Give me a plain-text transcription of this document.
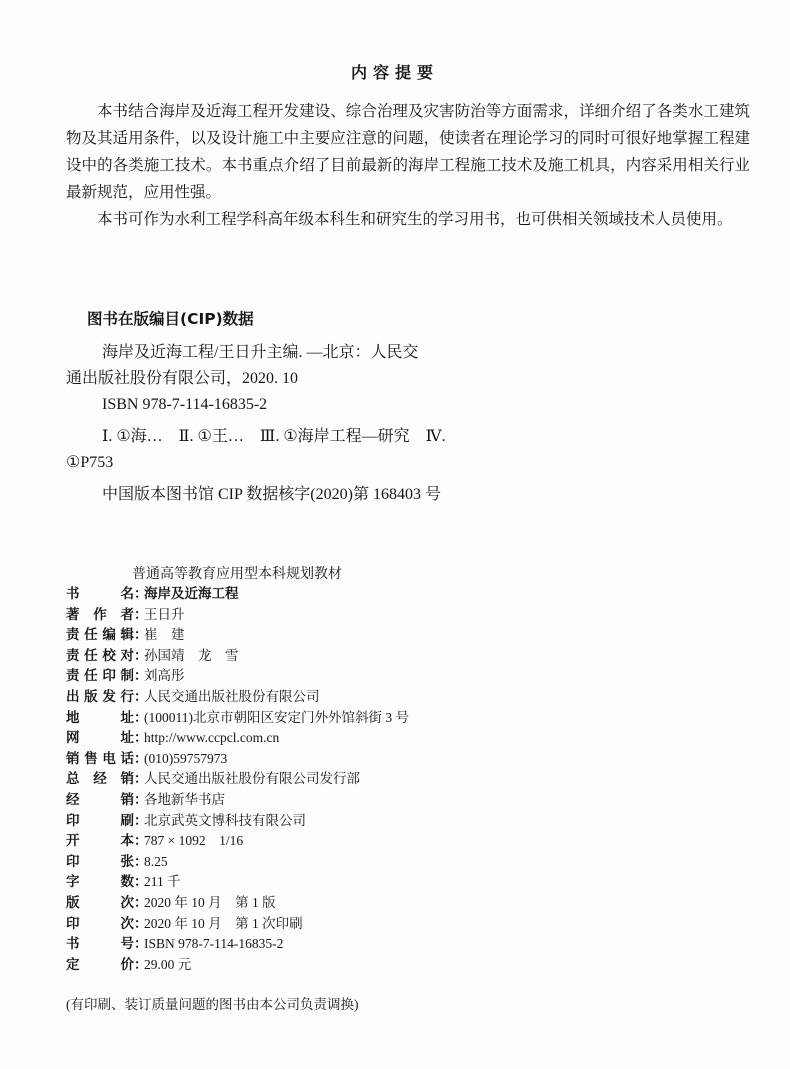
内容提要

本书结合海岸及近海工程开发建设、综合治理及灾害防治等方面需求，详细介绍了各类水工建筑物及其适用条件，以及设计施工中主要应注意的问题，使读者在理论学习的同时可很好地掌握工程建设中的各类施工技术。本书重点介绍了目前最新的海岸工程施工技术及施工机具，内容采用相关行业最新规范，应用性强。

本书可作为水利工程学科高年级本科生和研究生的学习用书，也可供相关领域技术人员使用。

图书在版编目(CIP)数据
海岸及近海工程/王日升主编. —北京：人民交
通出版社股份有限公司，2020. 10
ISBN 978-7-114-16835-2
Ⅰ. ①海…　Ⅱ. ①王…　Ⅲ. ①海岸工程—研究　Ⅳ.
①P753
中国版本图书馆 CIP 数据核字(2020)第 168403 号
普通高等教育应用型本科规划教材
书名 ：
海岸及近海工程
著作者 ：
王日升
责任编辑 ：
崔　建
责任校对 ：
孙国靖　龙　雪
责任印制 ：
刘高彤
出版发行 ：
人民交通出版社股份有限公司
地址 ：
(100011)北京市朝阳区安定门外外馆斜街 3 号
网址 ：
http://www.ccpcl.com.cn
销售电话 ：
(010)59757973
总经销 ：
人民交通出版社股份有限公司发行部
经销 ：
各地新华书店
印刷 ：
北京武英文博科技有限公司
开本 ：
787 × 1092　1/16
印张 ：
8.25
字数 ：
211 千
版次 ：
2020 年 10 月　第 1 版
印次 ：
2020 年 10 月　第 1 次印刷
书号 ：
ISBN 978-7-114-16835-2
定价 ：
29.00 元
(有印刷、装订质量问题的图书由本公司负责调换)
